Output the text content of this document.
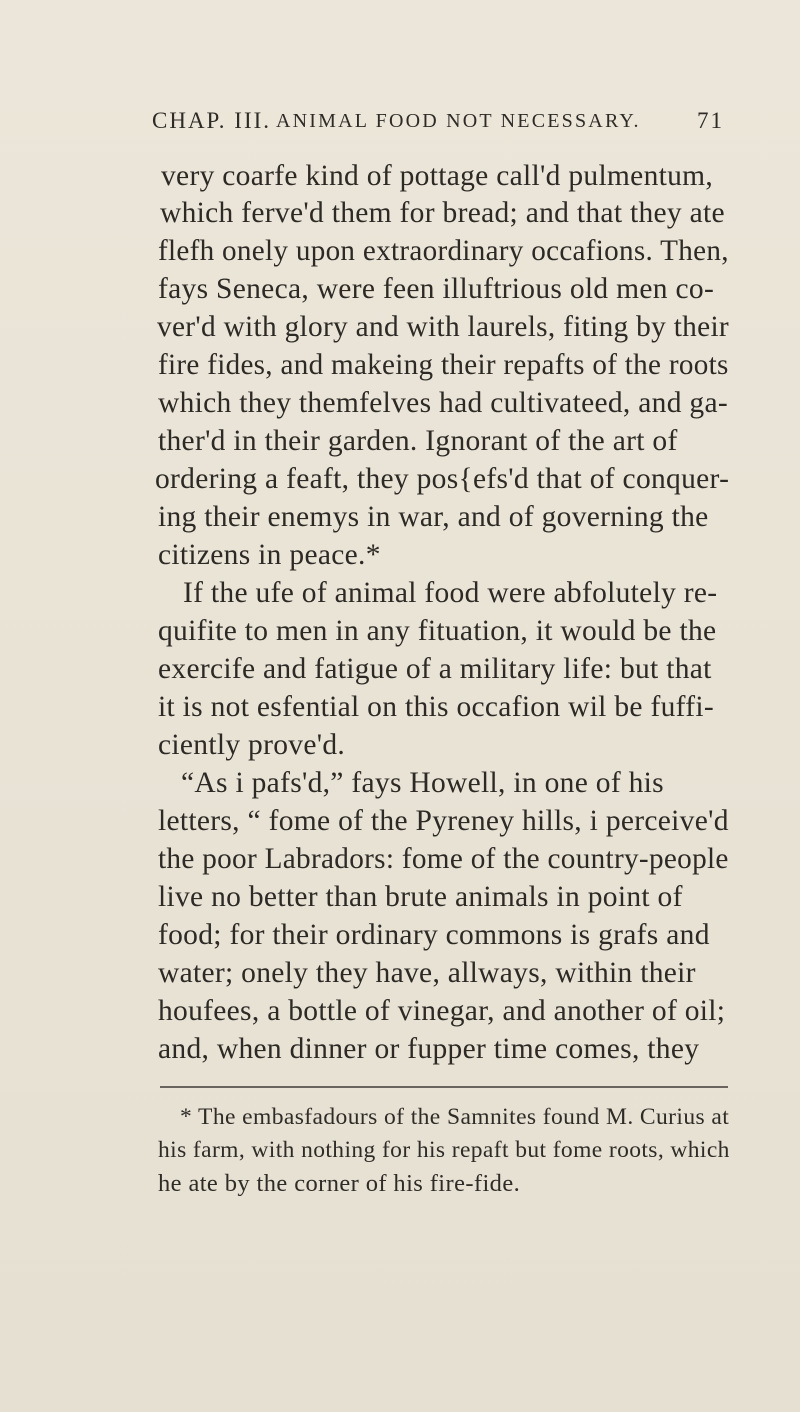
CHAP. III. ANIMAL FOOD NOT NECESSARY. 71
very coarfe kind of pottage call'd pulmentum,
which ferve'd them for bread; and that they ate
flefh onely upon extraordinary occafions. Then,
fays Seneca, were feen illuftrious old men co-
ver'd with glory and with laurels, fiting by their
fire fides, and makeing their repafts of the roots
which they themfelves had cultivateed, and ga-
ther'd in their garden. Ignorant of the art of
ordering a feaft, they pos{efs'd that of conquer-
ing their enemys in war, and of governing the
citizens in peace.*
If the ufe of animal food were abfolutely re-
quifite to men in any fituation, it would be the
exercife and fatigue of a military life: but that
it is not esfential on this occafion wil be fuffi-
ciently prove'd.
“As i pafs'd,” fays Howell, in one of his
letters, “ fome of the Pyreney hills, i perceive'd
the poor Labradors: fome of the country-people
live no better than brute animals in point of
food; for their ordinary commons is grafs and
water; onely they have, allways, within their
houfees, a bottle of vinegar, and another of oil;
and, when dinner or fupper time comes, they
* The embasfadours of the Samnites found M. Curius at
his farm, with nothing for his repaft but fome roots, which
he ate by the corner of his fire-fide.
